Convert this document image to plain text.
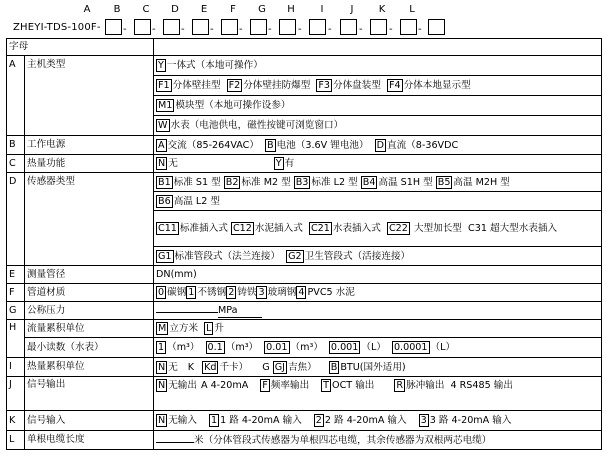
ZHEYI-TDS-100F-
A B C D E	F	G H	I	J	K	L
-	-	-	-	-	-	-	-	-	-	-
字母		
A	主机类型	Y 一体式（本地可操作）
		F1 分体壁挂型 F2 分体壁挂防爆型 F3 分体盘装型 F4 分体本地显示型
		M1 模块型（本地可操作设参）
		W 水表（电池供电，磁性按键可浏览窗口）
B	工作电源	A 交流（85-264VAC） B 电池（3.6V 锂电池） D 直流（8-36VDC
C	热量功能	N 无 Y 有
D	传感器类型	B1 标准 S1 型 B2 标准 M2 型 B3 标准 L2 型 B4 高温 S1H 型 B5 高温 M2H 型
		B6 高温 L2 型
		C11 标准插入式 C12 水泥插入式 C21 水表插入式 C22 大型加长型 C31 超大型水表插入
		G1 标准管段式（法兰连接） G2 卫生管段式（活接连接）
E	测量管径	DN(mm)
F	管道材质	0 碳钢 1 不锈钢 2 铸铁 3 玻璃钢 4 PVC5 水泥
G	公称压力	MPa
H	流量累积单位	M 立方米 L 升
	最小读数（水表）	1 （m³） 0.1 （m³） 0.01 （m³） 0.001 （L） 0.0001 （L）
I	热量累积单位	N 无 K Kd 千卡） G GJ 吉焦） B BTU(国外适用)
J	信号输出	N 无输出 A 4-20mA F 频率输出 T OCT 输出 R 脉冲输出 4 RS485 输出
K	信号输入	N 无输入 1 1 路 4-20mA 输入 2 2 路 4-20mA 输入 3 3 路 4-20mA 输入
L	单根电缆长度	米（分体管段式传感器为单根四芯电缆，其余传感器为双根两芯电缆）
